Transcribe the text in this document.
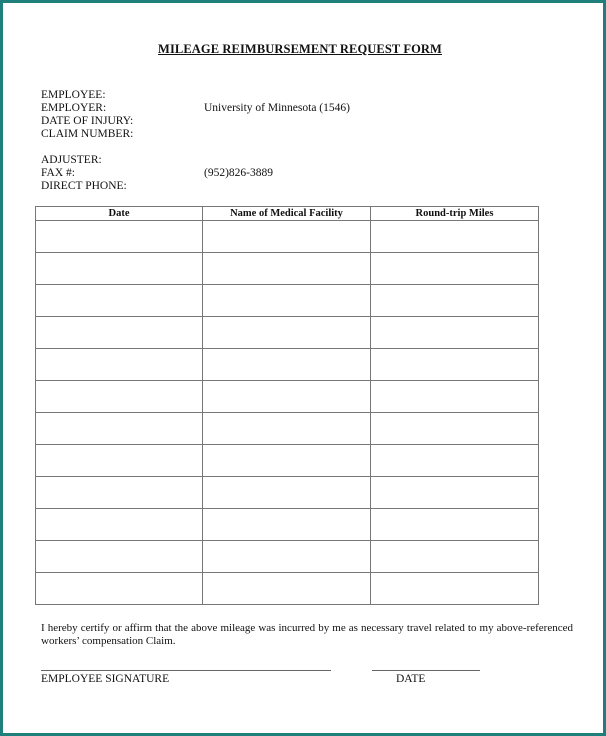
MILEAGE REIMBURSEMENT REQUEST FORM
EMPLOYEE:
EMPLOYER:	University of Minnesota (1546)
DATE OF INJURY:
CLAIM NUMBER:
ADJUSTER:
FAX #:	(952)826-3889
DIRECT PHONE:
Date	Name of Medical Facility	Round-trip Miles

I hereby certify or affirm that the above mileage was incurred by me as necessary travel related to my above-referenced workers’ compensation Claim.
EMPLOYEE SIGNATURE	DATE
